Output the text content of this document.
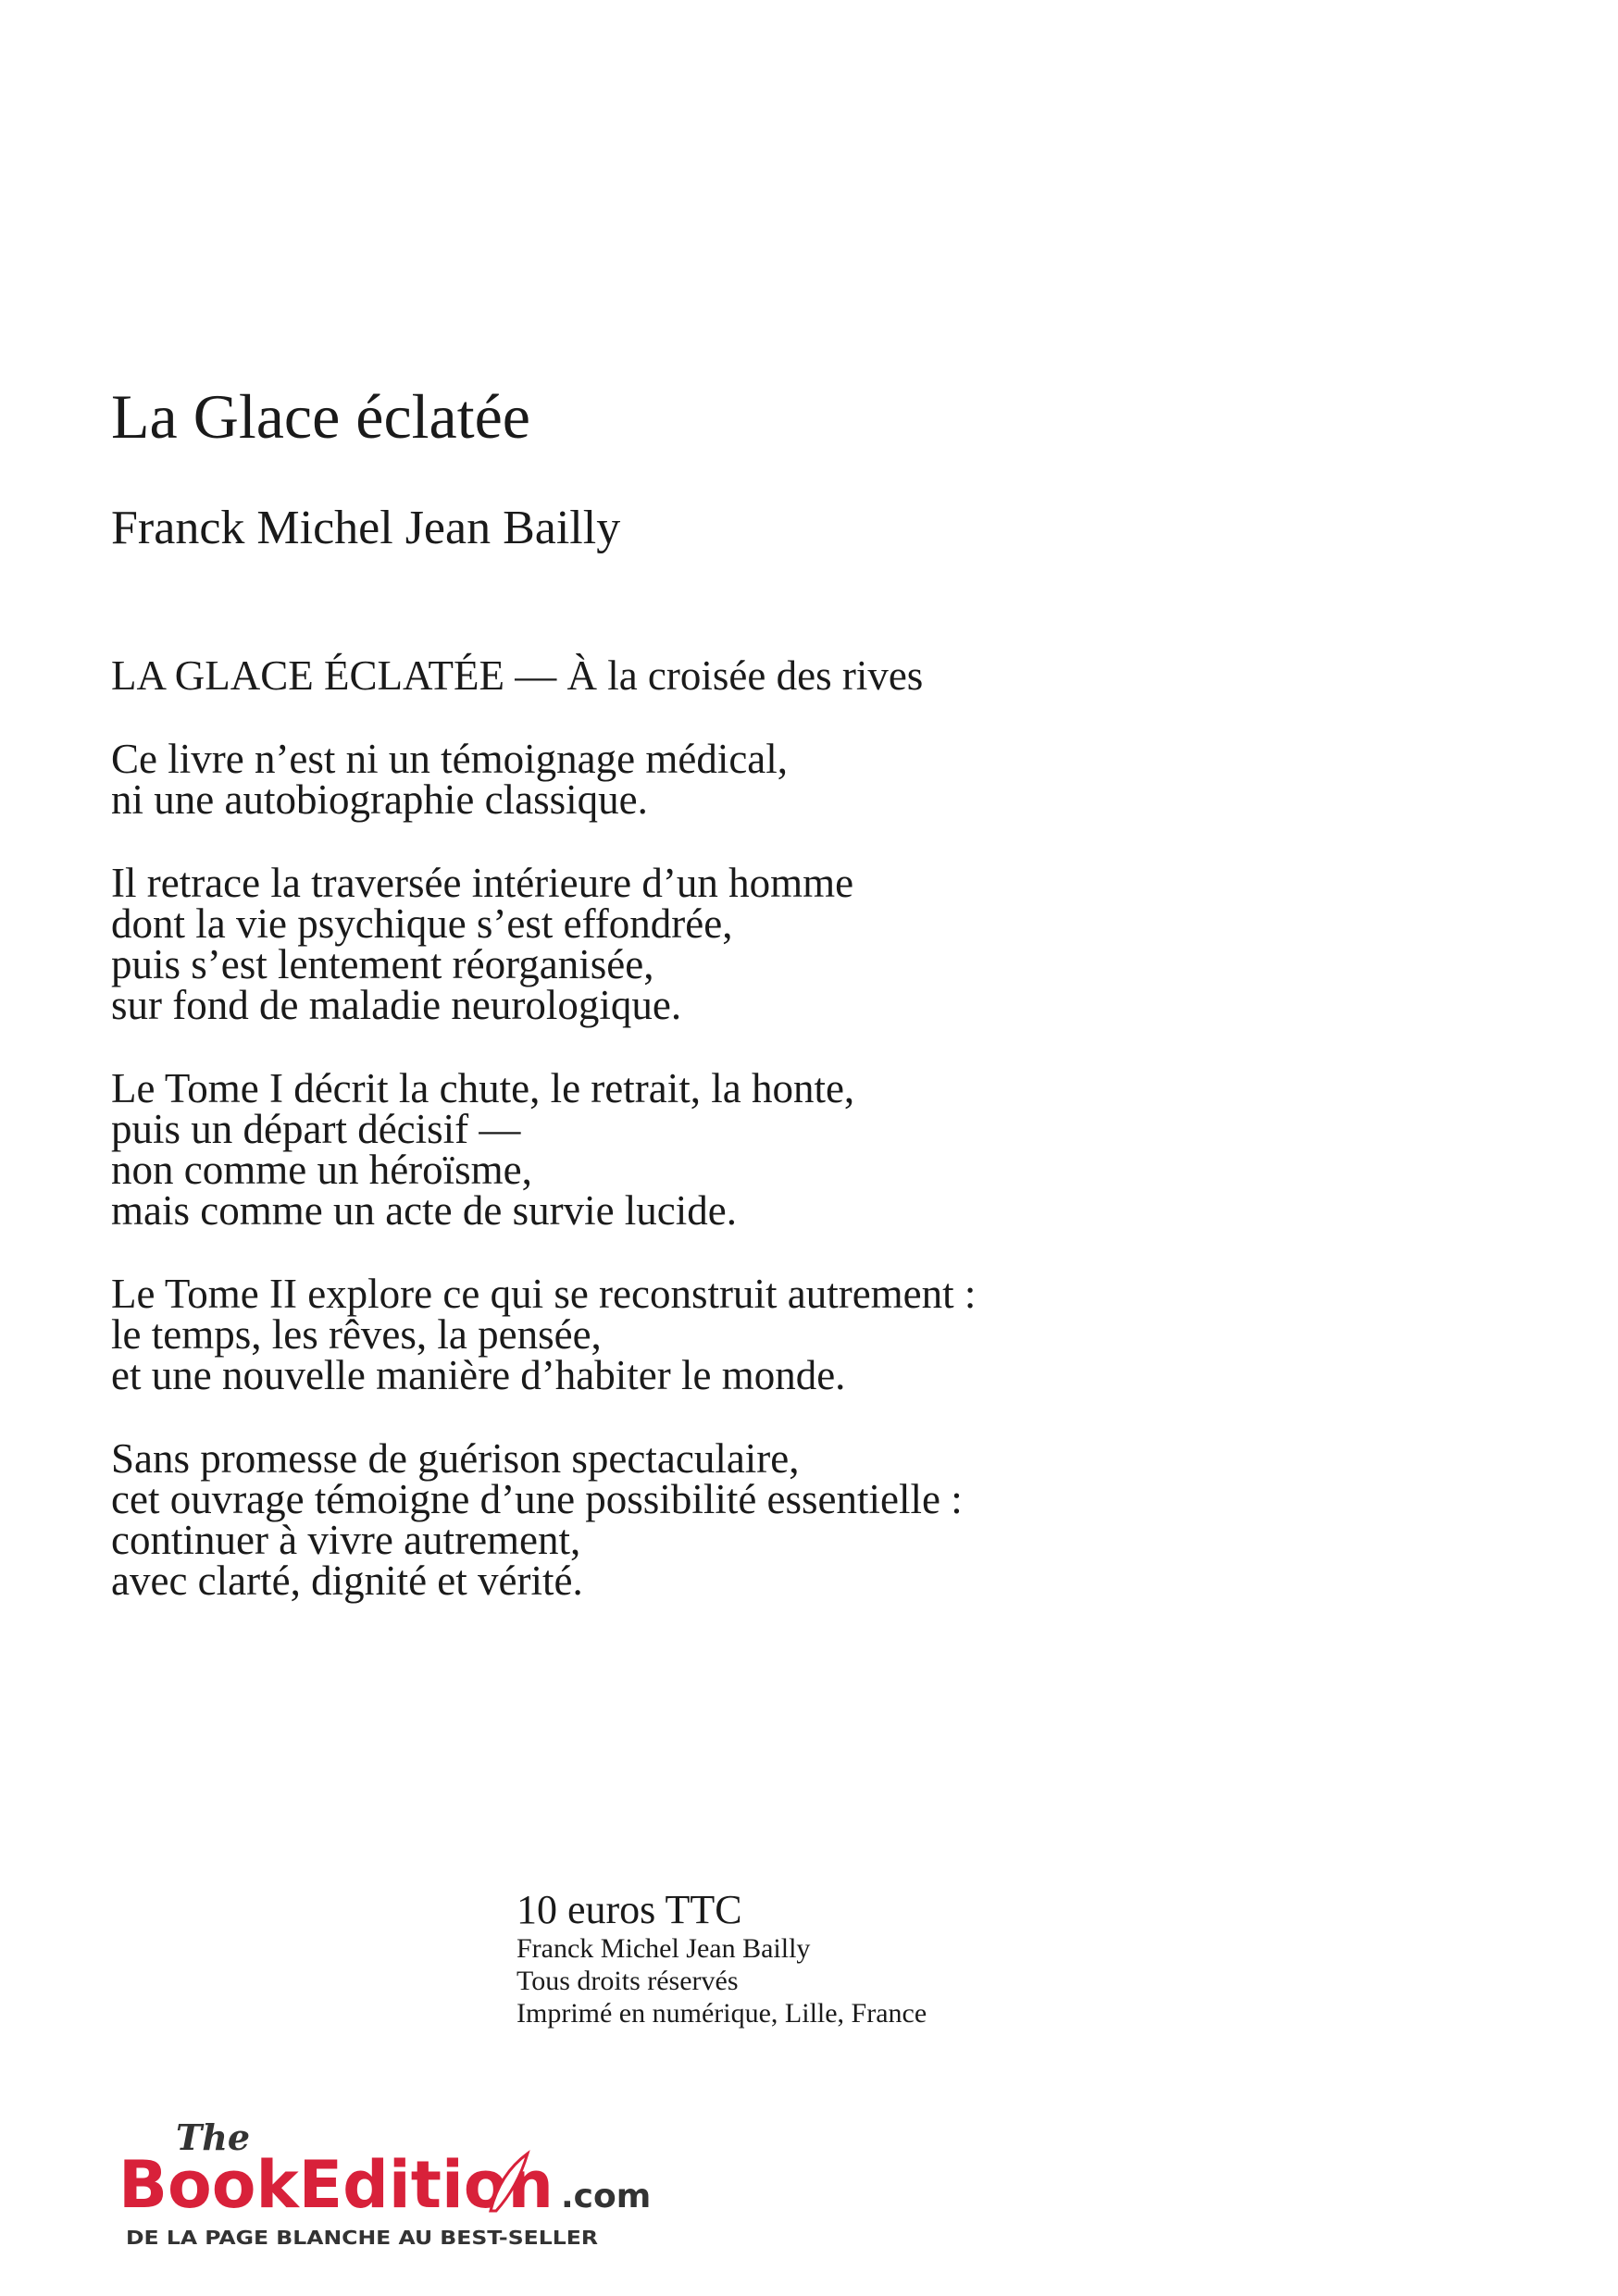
La Glace éclatée
Franck Michel Jean Bailly

LA GLACE ÉCLATÉE — À la croisée des rives

Ce livre n’est ni un témoignage médical,
ni une autobiographie classique.

Il retrace la traversée intérieure d’un homme
dont la vie psychique s’est effondrée,
puis s’est lentement réorganisée,
sur fond de maladie neurologique.

Le Tome I décrit la chute, le retrait, la honte,
puis un départ décisif —
non comme un héroïsme,
mais comme un acte de survie lucide.

Le Tome II explore ce qui se reconstruit autrement :
le temps, les rêves, la pensée,
et une nouvelle manière d’habiter le monde.

Sans promesse de guérison spectaculaire,
cet ouvrage témoigne d’une possibilité essentielle :
continuer à vivre autrement,
avec clarté, dignité et vérité.

10 euros TTC
Franck Michel Jean Bailly
Tous droits réservés
Imprimé en numérique, Lille, France
The
BookEdition .com
DE LA PAGE BLANCHE AU BEST-SELLER
